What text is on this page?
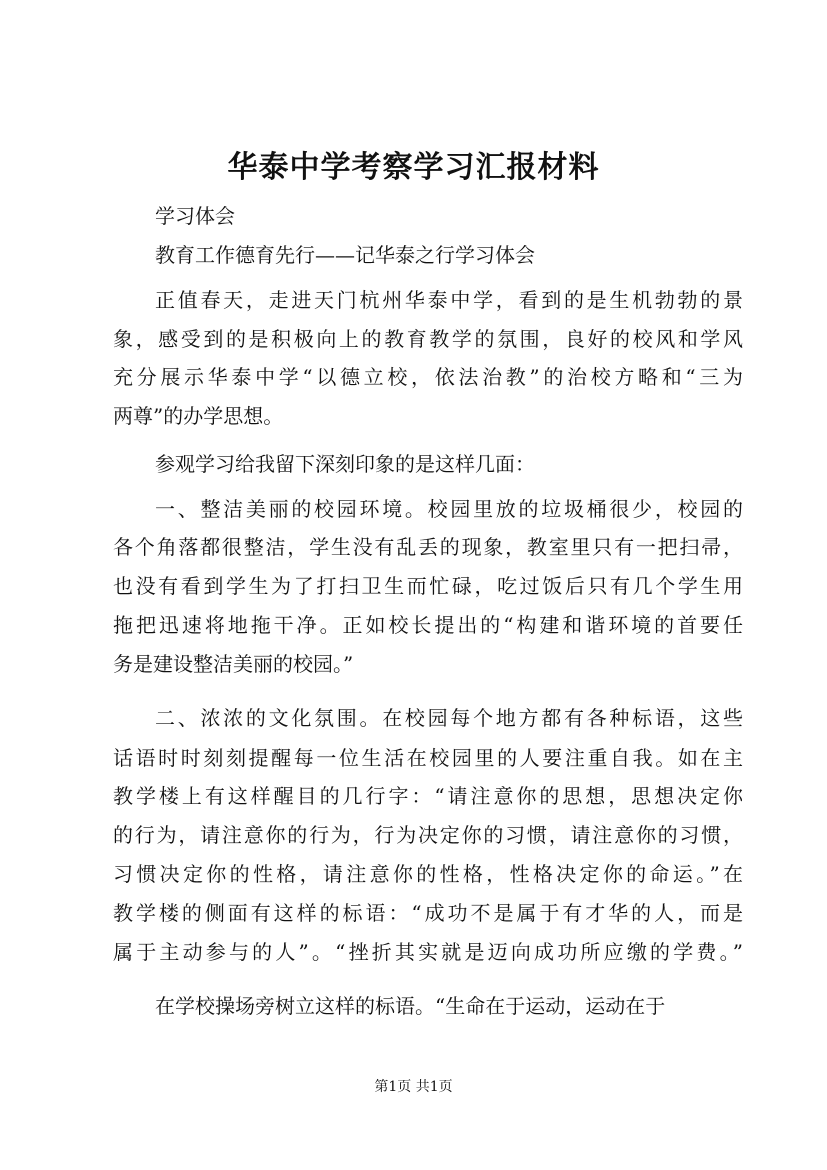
华泰中学考察学习汇报材料
学习体会
教育工作德育先行——记华泰之行学习体会
正值春天，走进天门杭州华泰中学，看到的是生机勃勃的景
象，感受到的是积极向上的教育教学的氛围，良好的校风和学风
充分展示华泰中学“以德立校，依法治教”的治校方略和“三为
两尊”的办学思想。
参观学习给我留下深刻印象的是这样几面：
一、整洁美丽的校园环境。校园里放的垃圾桶很少，校园的
各个角落都很整洁，学生没有乱丢的现象，教室里只有一把扫帚，
也没有看到学生为了打扫卫生而忙碌，吃过饭后只有几个学生用
拖把迅速将地拖干净。正如校长提出的“构建和谐环境的首要任
务是建设整洁美丽的校园。”
二、浓浓的文化氛围。在校园每个地方都有各种标语，这些
话语时时刻刻提醒每一位生活在校园里的人要注重自我。如在主
教学楼上有这样醒目的几行字：“请注意你的思想，思想决定你
的行为，请注意你的行为，行为决定你的习惯，请注意你的习惯，
习惯决定你的性格，请注意你的性格，性格决定你的命运。”在
教学楼的侧面有这样的标语：“成功不是属于有才华的人，而是
属于主动参与的人”。“挫折其实就是迈向成功所应缴的学费。”
在学校操场旁树立这样的标语。“生命在于运动，运动在于
第1页 共1页
